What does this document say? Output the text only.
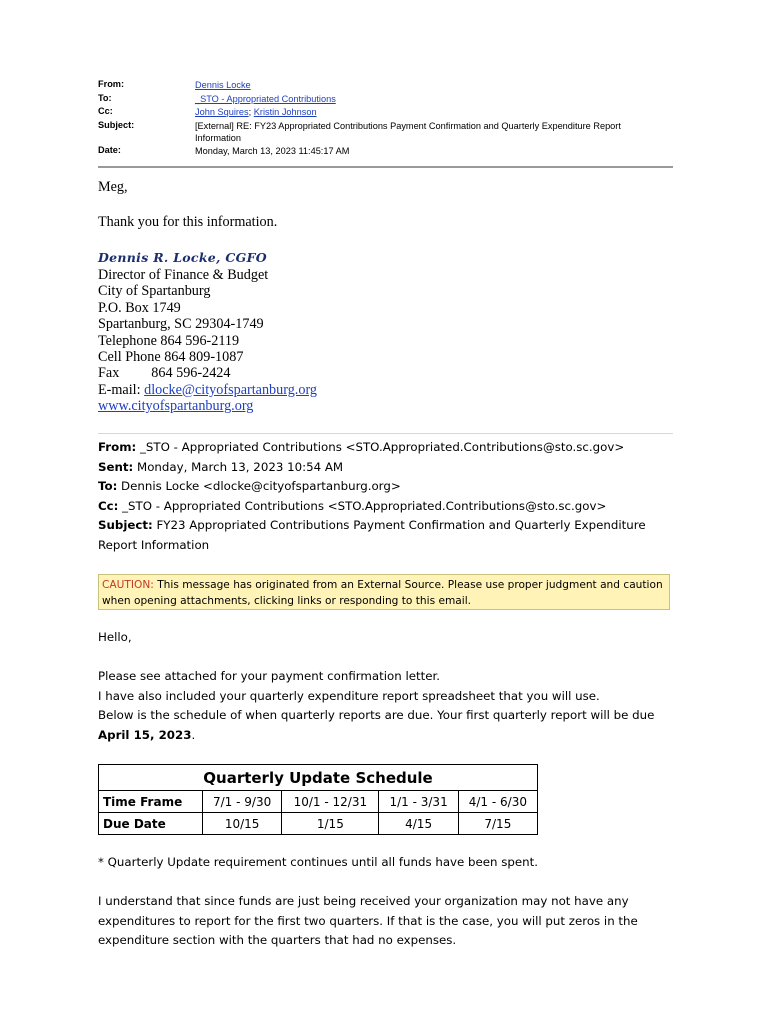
From:	Dennis Locke
To:	_STO - Appropriated Contributions
Cc:	John Squires; Kristin Johnson
Subject:	[External] RE: FY23 Appropriated Contributions Payment Confirmation and Quarterly Expenditure Report Information
Date:	Monday, March 13, 2023 11:45:17 AM
Meg,
Thank you for this information.
Dennis R. Locke, CGFO
Director of Finance & Budget
City of Spartanburg
P.O. Box 1749
Spartanburg, SC 29304-1749
Telephone 864 596-2119
Cell Phone 864 809-1087
Fax 864 596-2424
E-mail: dlocke@cityofspartanburg.org
www.cityofspartanburg.org
From: _STO - Appropriated Contributions <STO.Appropriated.Contributions@sto.sc.gov>
Sent: Monday, March 13, 2023 10:54 AM
To: Dennis Locke <dlocke@cityofspartanburg.org>
Cc: _STO - Appropriated Contributions <STO.Appropriated.Contributions@sto.sc.gov>
Subject: FY23 Appropriated Contributions Payment Confirmation and Quarterly Expenditure Report Information
CAUTION: This message has originated from an External Source. Please use proper judgment and caution when opening attachments, clicking links or responding to this email.
Hello,
Please see attached for your payment confirmation letter.
I have also included your quarterly expenditure report spreadsheet that you will use.
Below is the schedule of when quarterly reports are due. Your first quarterly report will be due April 15, 2023.
Quarterly Update Schedule				
Time Frame	7/1 - 9/30	10/1 - 12/31	1/1 - 3/31	4/1 - 6/30
Due Date	10/15	1/15	4/15	7/15
* Quarterly Update requirement continues until all funds have been spent.
I understand that since funds are just being received your organization may not have any expenditures to report for the first two quarters. If that is the case, you will put zeros in the expenditure section with the quarters that had no expenses.
